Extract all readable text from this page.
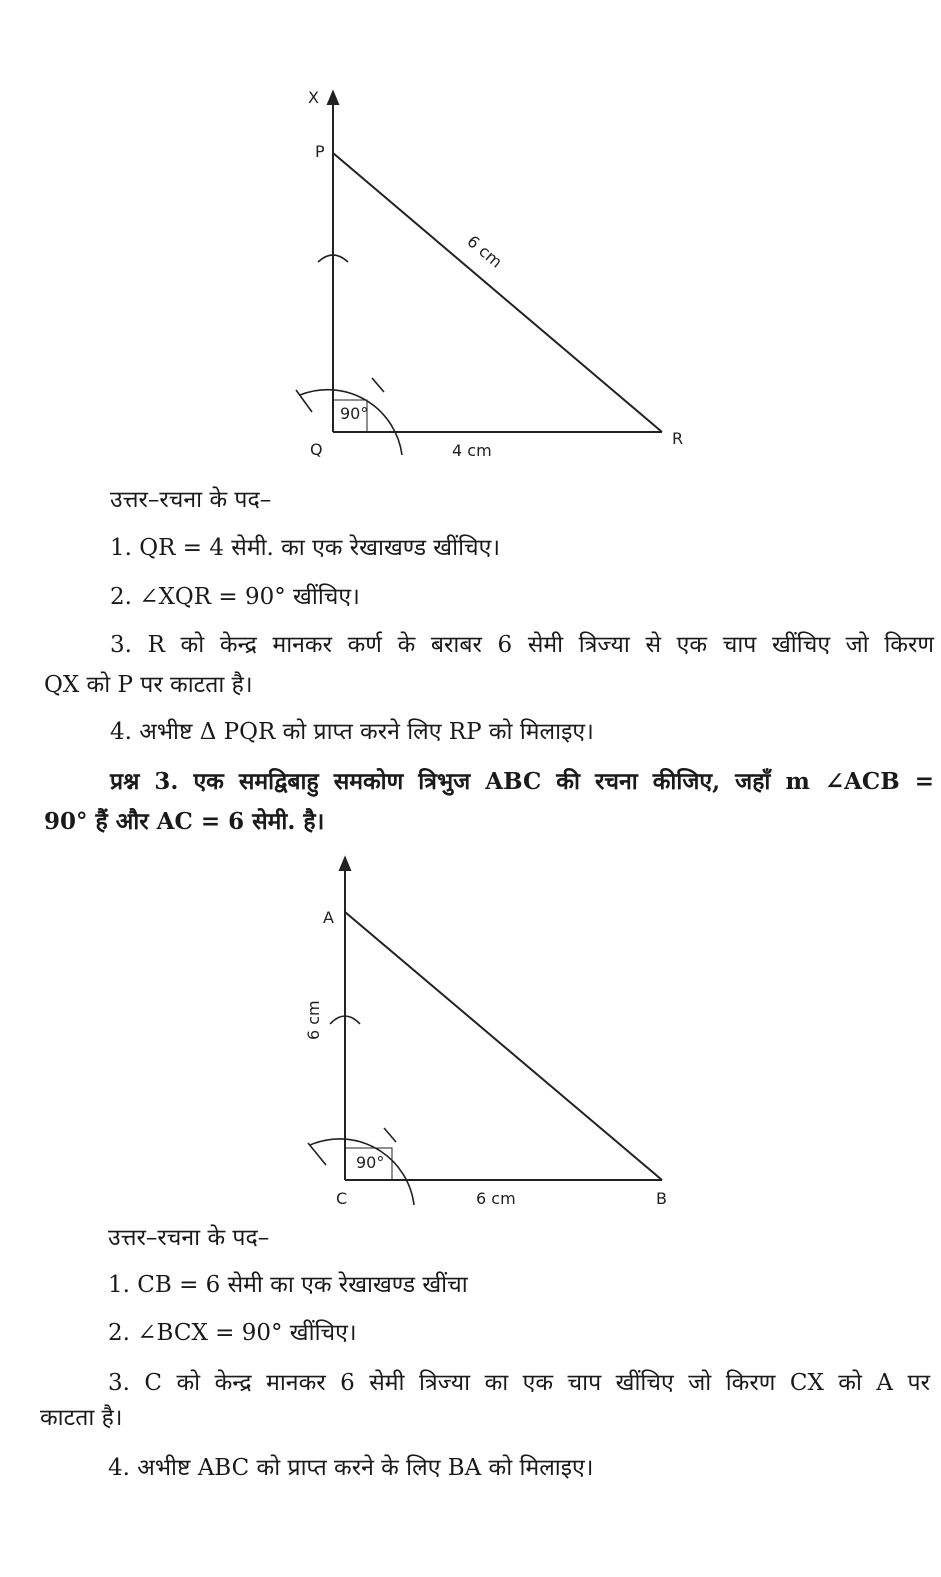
X
P
Q
R
4 cm
90°
6 cm
A
C	B
6 cm
90°
6 cm
उत्तर–रचना के पद–
1. QR = 4 सेमी. का एक रेखाखण्ड खींचिए।
2. ∠XQR = 90° खींचिए।
3. R को केन्द्र मानकर कर्ण के बराबर 6 सेमी त्रिज्या से एक चाप खींचिए जो किरण
QX को P पर काटता है।
4. अभीष्ट Δ PQR को प्राप्त करने लिए RP को मिलाइए।
प्रश्न 3. एक समद्विबाहु समकोण त्रिभुज ABC की रचना कीजिए, जहाँ m ∠ACB =
90° हैं और AC = 6 सेमी. है।
उत्तर–रचना के पद–
1. CB = 6 सेमी का एक रेखाखण्ड खींचा
2. ∠BCX = 90° खींचिए।
3. C को केन्द्र मानकर 6 सेमी त्रिज्या का एक चाप खींचिए जो किरण CX को A पर
काटता है।
4. अभीष्ट ABC को प्राप्त करने के लिए BA को मिलाइए।
